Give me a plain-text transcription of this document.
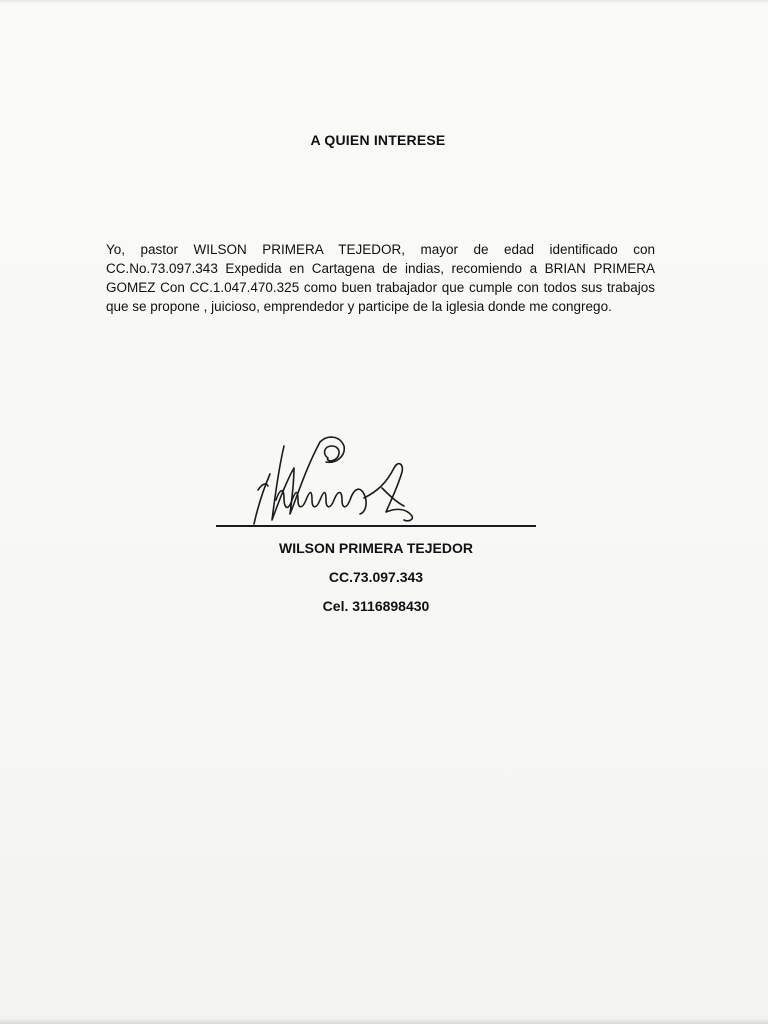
A QUIEN INTERESE
Yo, pastor WILSON PRIMERA TEJEDOR, mayor de edad identificado con CC.No.73.097.343 Expedida en Cartagena de indias, recomiendo a BRIAN PRIMERA GOMEZ Con CC.1.047.470.325 como buen trabajador que cumple con todos sus trabajos que se propone , juicioso, emprendedor y participe de la iglesia donde me congrego.
WILSON PRIMERA TEJEDOR
CC.73.097.343
Cel. 3116898430
